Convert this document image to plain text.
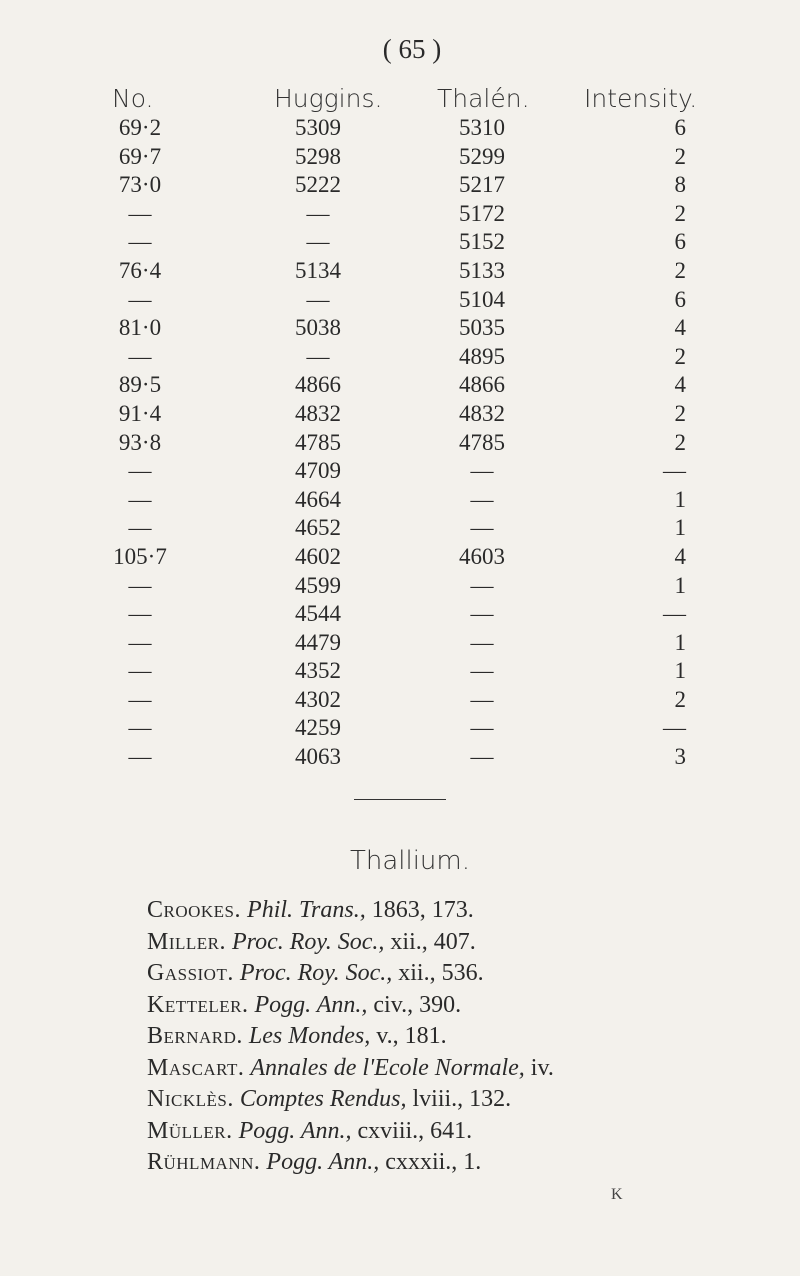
( 65 )
No.	Huggins. Thalén. Intensity.
69·2	5309	5310	6
69·7	5298	5299	2
73·0	5222	5217	8
—	—	5172	2
—	—	5152	6
76·4	5134	5133	2
—	—	5104	6
81·0	5038	5035	4
—	—	4895	2
89·5	4866	4866	4
91·4	4832	4832	2
93·8	4785	4785	2
—	4709	—	—
—	4664	—	1
—	4652	—	1
105·7	4602	4603	4
—	4599	—	1
—	4544	—	—
—	4479	—	1
—	4352	—	1
—	4302	—	2
—	4259	—	—
—	4063	—	3
Thallium.
Crookes. Phil. Trans., 1863, 173.
Miller. Proc. Roy. Soc., xii., 407.
Gassiot. Proc. Roy. Soc., xii., 536.
Ketteler. Pogg. Ann., civ., 390.
Bernard. Les Mondes, v., 181.
Mascart. Annales de l'Ecole Normale, iv.
Nicklès. Comptes Rendus, lviii., 132.
Müller. Pogg. Ann., cxviii., 641.
Rühlmann. Pogg. Ann., cxxxii., 1.
K
